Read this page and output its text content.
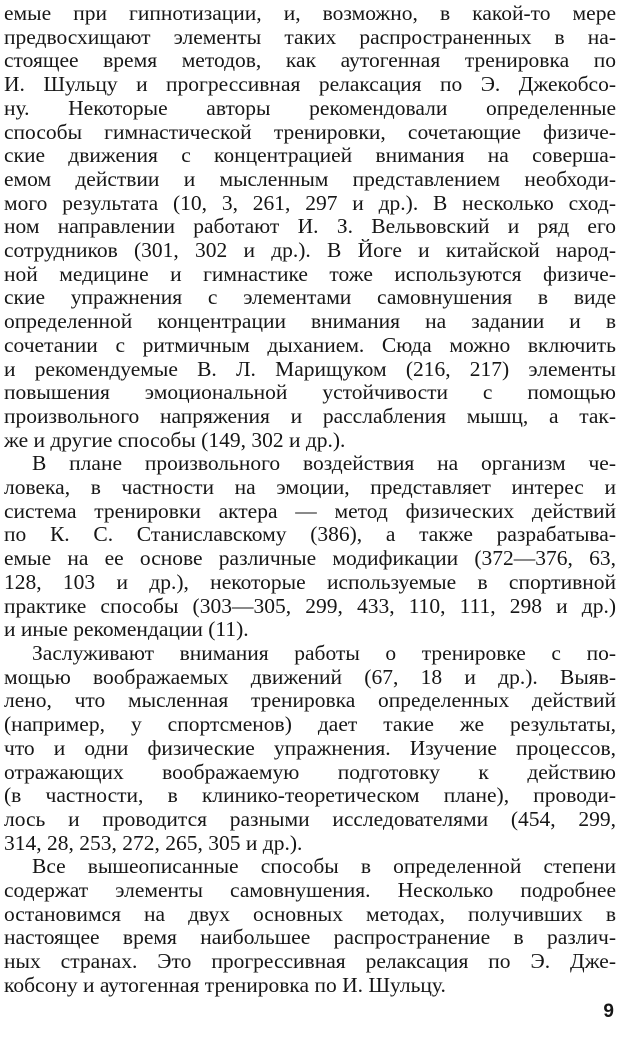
емые при гипнотизации, и, возможно, в какой-то мере
предвосхищают элементы таких распространенных в на-
стоящее время методов, как аутогенная тренировка по
И. Шульцу и прогрессивная релаксация по Э. Джекобсо-
ну. Некоторые авторы рекомендовали определенные
способы гимнастической тренировки, сочетающие физиче-
ские движения с концентрацией внимания на соверша-
емом действии и мысленным представлением необходи-
мого результата (10, 3, 261, 297 и др.). В несколько сход-
ном направлении работают И. З. Вельвовский и ряд его
сотрудников (301, 302 и др.). В Йоге и китайской народ-
ной медицине и гимнастике тоже используются физиче-
ские упражнения с элементами самовнушения в виде
определенной концентрации внимания на задании и в
сочетании с ритмичным дыханием. Сюда можно включить
и рекомендуемые В. Л. Марищуком (216, 217) элементы
повышения эмоциональной устойчивости с помощью
произвольного напряжения и расслабления мышц, а так-
же и другие способы (149, 302 и др.).

В плане произвольного воздействия на организм че-
ловека, в частности на эмоции, представляет интерес и
система тренировки актера — метод физических действий
по К. С. Станиславскому (386), а также разрабатыва-
емые на ее основе различные модификации (372—376, 63,
128, 103 и др.), некоторые используемые в спортивной
практике способы (303—305, 299, 433, 110, 111, 298 и др.)
и иные рекомендации (11).

Заслуживают внимания работы о тренировке с по-
мощью воображаемых движений (67, 18 и др.). Выяв-
лено, что мысленная тренировка определенных действий
(например, у спортсменов) дает такие же результаты,
что и одни физические упражнения. Изучение процессов,
отражающих воображаемую подготовку к действию
(в частности, в клинико-теоретическом плане), проводи-
лось и проводится разными исследователями (454, 299,
314, 28, 253, 272, 265, 305 и др.).

Все вышеописанные способы в определенной степени
содержат элементы самовнушения. Несколько подробнее
остановимся на двух основных методах, получивших в
настоящее время наибольшее распространение в различ-
ных странах. Это прогрессивная релаксация по Э. Дже-
кобсону и аутогенная тренировка по И. Шульцу.

9
